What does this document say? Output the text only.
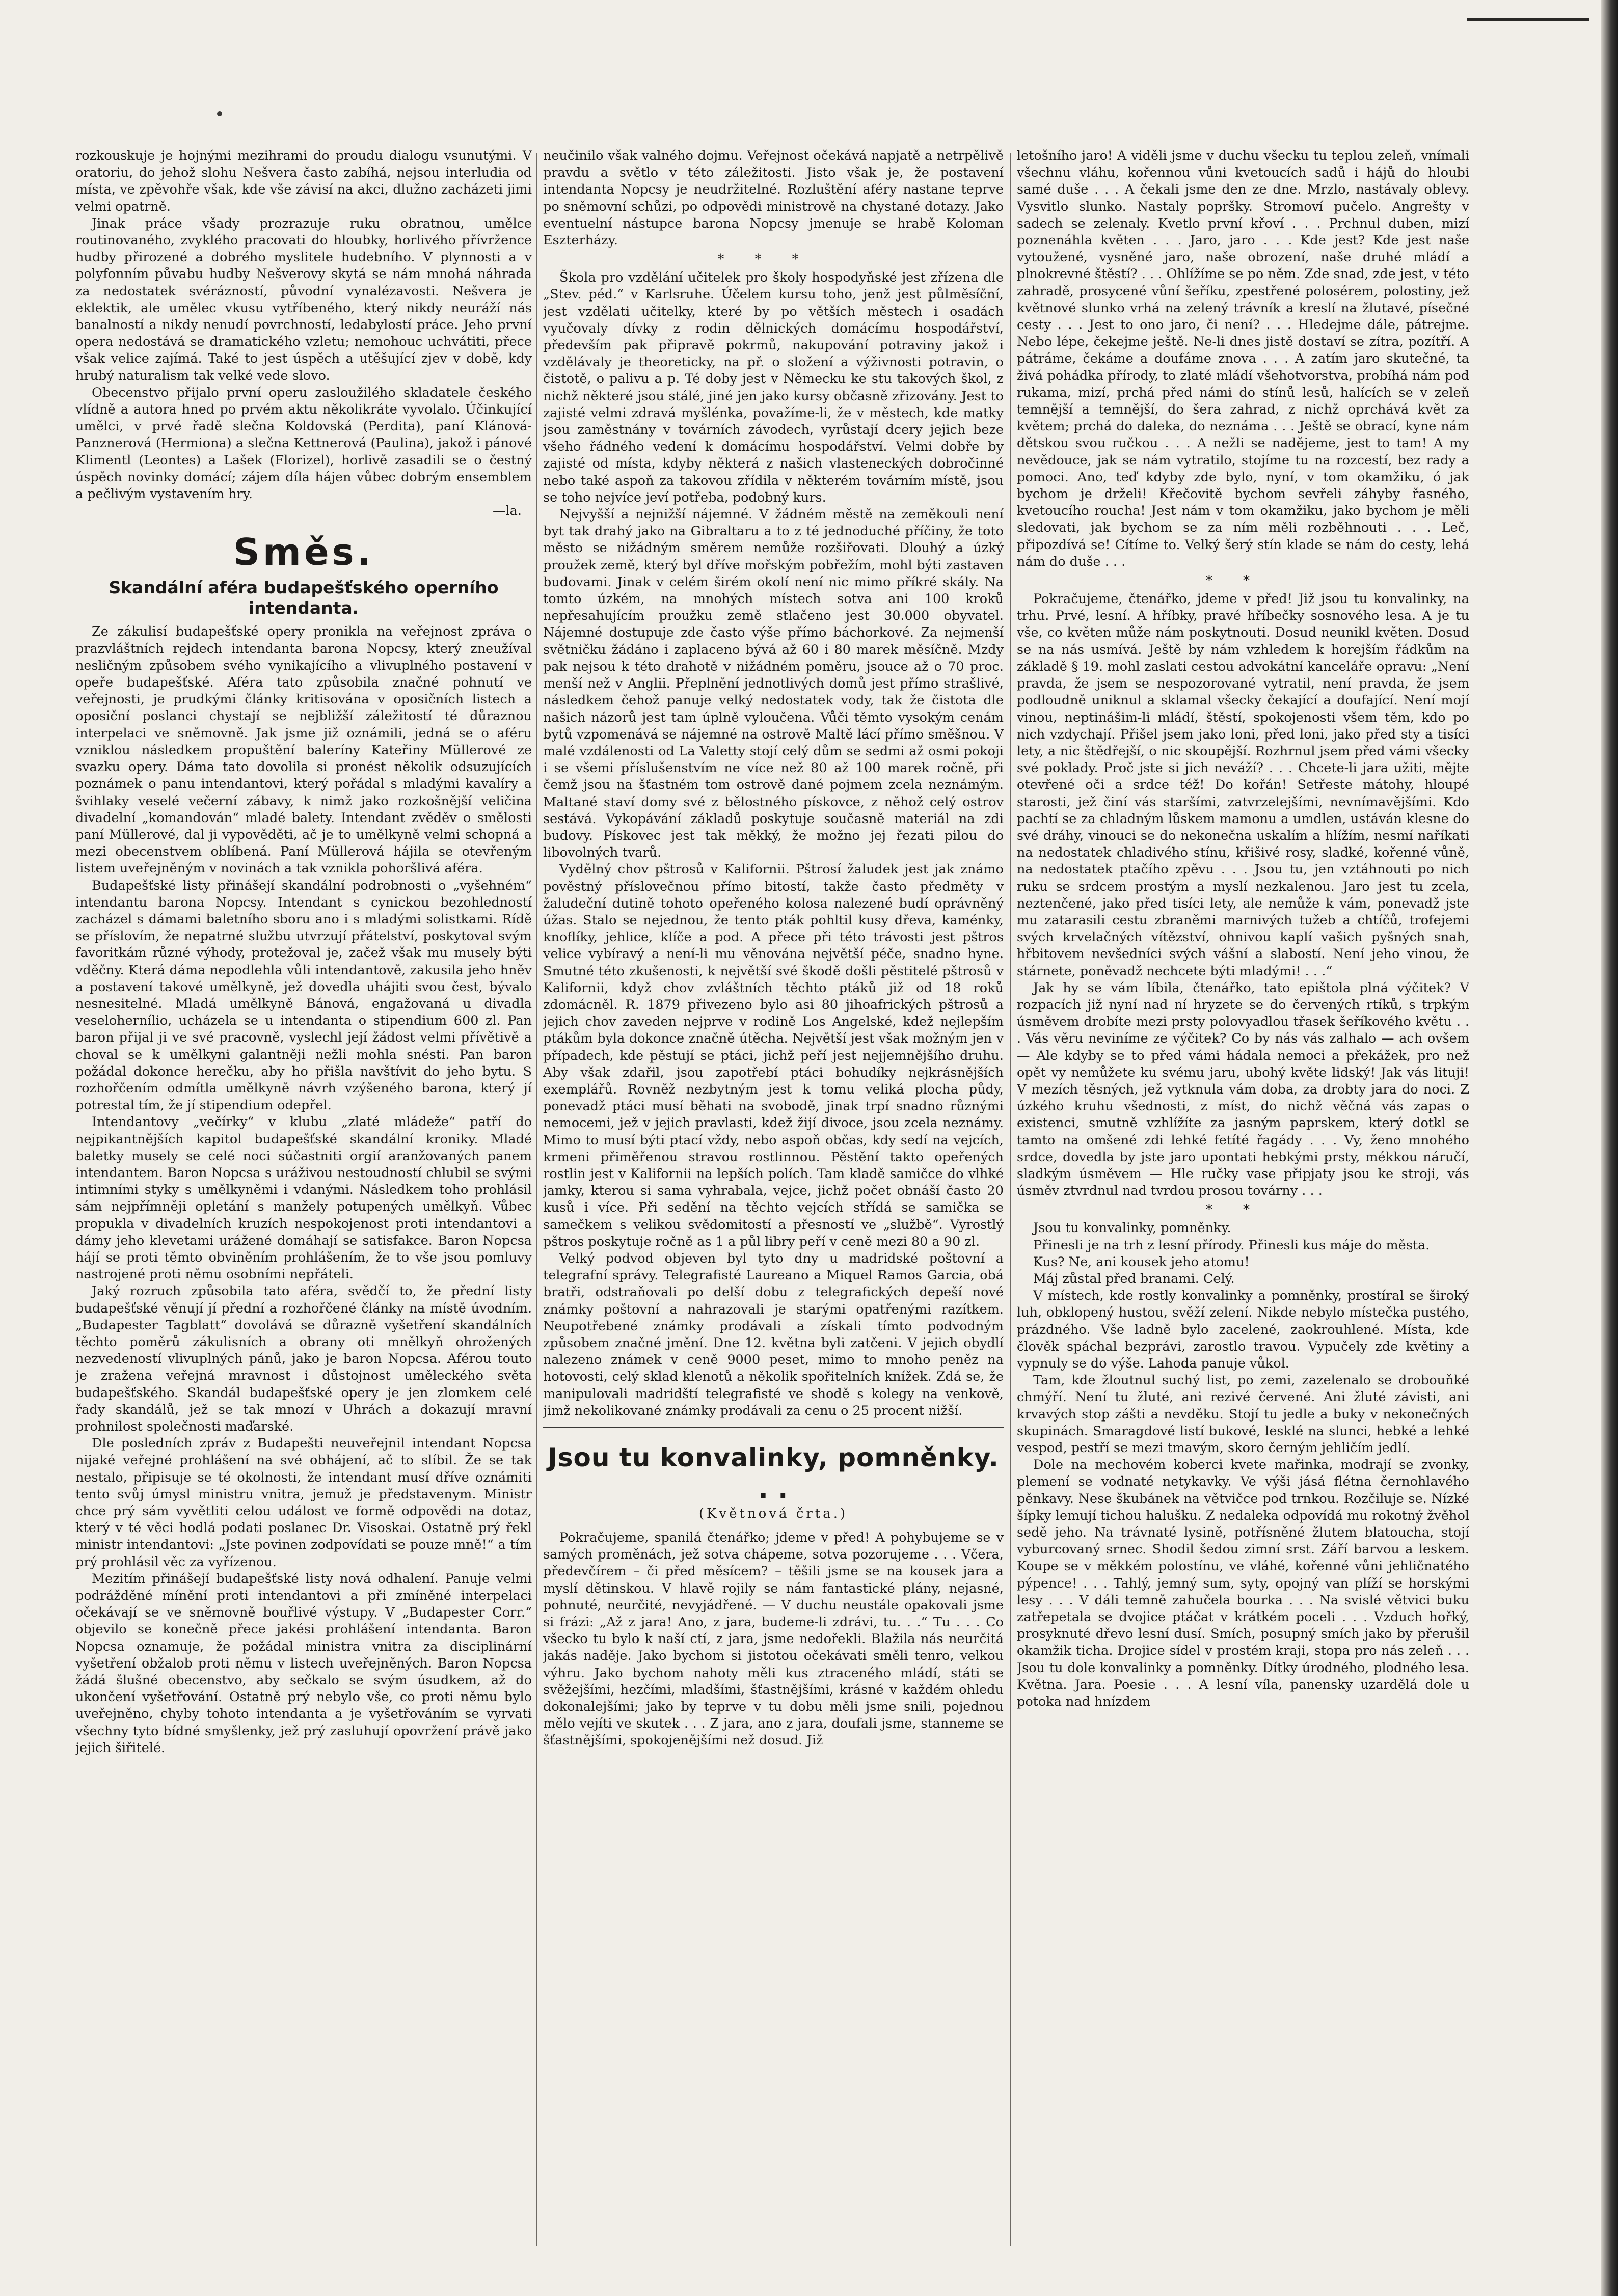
rozkouskuje je hojnými mezihrami do proudu dialogu vsunutými. V oratoriu, do jehož slohu Nešvera často zabíhá, nejsou interludia od místa, ve zpěvohře však, kde vše závisí na akci, dlužno zacházeti jimi velmi opatrně.

Jinak práce všady prozrazuje ruku obratnou, umělce routinovaného, zvyklého pracovati do hloubky, horlivého přívržence hudby přirozené a dobrého myslitele hudebního. V plynnosti a v polyfonním půvabu hudby Nešverovy skytá se nám mnohá náhrada za nedostatek svérázností, původní vynalézavosti. Nešvera je eklektik, ale umělec vkusu vytříbeného, který nikdy neuráží nás banalností a nikdy nenudí povrchností, ledabylostí práce. Jeho první opera nedostává se dramatického vzletu; nemohouc uchvátiti, přece však velice zajímá. Také to jest úspěch a utěšující zjev v době, kdy hrubý naturalism tak velké vede slovo.

Obecenstvo přijalo první operu zasloužilého skladatele českého vlídně a autora hned po prvém aktu několikráte vyvolalo. Účinkující umělci, v prvé řadě slečna Koldovská (Perdita), paní Klánová-Panznerová (Hermiona) a slečna Kettnerová (Paulina), jakož i pánové Klimentl (Leontes) a Lašek (Florizel), horlivě zasadili se o čestný úspěch novinky domácí; zájem díla hájen vůbec dobrým ensemblem a pečlivým vystavením hry.

—la.
Směs.
Skandální aféra budapešťského operního intendanta.

Ze zákulisí budapešťské opery pronikla na veřejnost zpráva o prazvláštních rejdech intendanta barona Nopcsy, který zneužíval nesličným způsobem svého vynikajícího a vlivuplného postavení v opeře budapešťské. Aféra tato způsobila značné pohnutí ve veřejnosti, je prudkými články kritisována v oposičních listech a oposiční poslanci chystají se nejbližší záležitostí té důraznou interpelaci ve sněmovně. Jak jsme již oznámili, jedná se o aféru vzniklou následkem propuštění baleríny Kateřiny Müllerové ze svazku opery. Dáma tato dovolila si pronést několik odsuzujících poznámek o panu intendantovi, který pořádal s mladými kavalíry a švihlaky veselé večerní zábavy, k nimž jako rozkošnější veličina divadelní „komandován“ mladé balety. Intendant zvěděv o smělosti paní Müllerové, dal ji vypověděti, ač je to umělkyně velmi schopná a mezi obecenstvem oblíbená. Paní Müllerová hájila se otevřeným listem uveřejněným v novinách a tak vznikla pohoršlivá aféra.

Budapešťské listy přinášejí skandální podrobnosti o „vyšehném“ intendantu barona Nopcsy. Intendant s cynickou bezohledností zacházel s dámami baletního sboru ano i s mladými solistkami. Rídě se příslovím, že nepatrné službu utvrzují přátelství, poskytoval svým favoritkám různé výhody, protežoval je, začež však mu musely býti vděčny. Která dáma nepodlehla vůli intendantově, zakusila jeho hněv a postavení takové umělkyně, jež dovedla uhájiti svou čest, bývalo nesnesitelné. Mladá umělkyně Bánová, engažovaná u divadla veselohernílio, ucházela se u intendanta o stipendium 600 zl. Pan baron přijal ji ve své pracovně, vyslechl její žádost velmi přívětivě a choval se k umělkyni galantněji nežli mohla snésti. Pan baron požádal dokonce herečku, aby ho přišla navštívit do jeho bytu. S rozhořčením odmítla umělkyně návrh vzýšeného barona, který jí potrestal tím, že jí stipendium odepřel.

Intendantovy „večírky“ v klubu „zlaté mládeže“ patří do nejpikantnějších kapitol budapešťské skandální kroniky. Mladé baletky musely se celé noci súčastniti orgií aranžovaných panem intendantem. Baron Nopcsa s uráživou nestoudností chlubil se svými intimními styky s umělkyněmi i vdanými. Následkem toho prohlásil sám nejpřímněji opletání s manžely potupených umělkyň. Vůbec propukla v divadelních kruzích nespokojenost proti intendantovi a dámy jeho klevetami urážené domáhají se satisfakce. Baron Nopcsa hájí se proti těmto obviněním prohlášením, že to vše jsou pomluvy nastrojené proti němu osobními nepřáteli.

Jaký rozruch způsobila tato aféra, svědčí to, že přední listy budapešťské věnují jí přední a rozhořčené články na místě úvodním. „Budapester Tagblatt“ dovolává se důrazně vyšetření skandálních těchto poměrů zákulisních a obrany oti mnělkyň ohrožených nezvedeností vlivuplných pánů, jako je baron Nopcsa. Aférou touto je zražena veřejná mravnost i důstojnost uměleckého světa budapešťského. Skandál budapešťské opery je jen zlomkem celé řady skandálů, jež se tak mnozí v Uhrách a dokazují mravní prohnilost společnosti maďarské.

Dle posledních zpráv z Budapešti neuveřejnil intendant Nopcsa nijaké veřejné prohlášení na své obhájení, ač to slíbil. Že se tak nestalo, připisuje se té okolnosti, že intendant musí dříve oznámiti tento svůj úmysl ministru vnitra, jemuž je představenym. Ministr chce prý sám vyvětliti celou událost ve formě odpovědi na dotaz, který v té věci hodlá podati poslanec Dr. Visoskai. Ostatně prý řekl ministr intendantovi: „Jste povinen zodpovídati se pouze mně!“ a tím prý prohlásil věc za vyřízenou.

Mezitím přinášejí budapešťské listy nová odhalení. Panuje velmi podrážděné mínění proti intendantovi a při zmíněné interpelaci očekávají se ve sněmovně bouřlivé výstupy. V „Budapester Corr.“ objevilo se konečně přece jakési prohlášení intendanta. Baron Nopcsa oznamuje, že požádal ministra vnitra za disciplinární vyšetření obžalob proti němu v listech uveřejněných. Baron Nopcsa žádá šlušné obecenstvo, aby sečkalo se svým úsudkem, až do ukončení vyšetřování. Ostatně prý nebylo vše, co proti němu bylo uveřejněno, chyby tohoto intendanta a je vyšetřováním se vyrvati všechny tyto bídné smyšlenky, jež prý zasluhují opovržení právě jako jejich šiřitelé.

neučinilo však valného dojmu. Veřejnost očekává napjatě a netrpělivě pravdu a světlo v této záležitosti. Jisto však je, že postavení intendanta Nopcsy je neudržitelné. Rozluštění aféry nastane teprve po sněmovní schůzi, po odpovědi ministrově na chystané dotazy. Jako eventuelní nástupce barona Nopcsy jmenuje se hrabě Koloman Eszterházy.

***

Škola pro vzdělání učitelek pro školy hospodyňské jest zřízena dle „Stev. péd.“ v Karlsruhe. Účelem kursu toho, jenž jest půlměsíční, jest vzdělati učitelky, které by po větších městech i osadách vyučovaly dívky z rodin dělnických domácímu hospodářství, především pak připravě pokrmů, nakupování potraviny jakož i vzdělávaly je theoreticky, na př. o složení a výživnosti potravin, o čistotě, o palivu a p. Té doby jest v Německu ke stu takových škol, z nichž některé jsou stálé, jiné jen jako kursy občasně zřizovány. Jest to zajisté velmi zdravá myšlénka, považíme-li, že v městech, kde matky jsou zaměstnány v továrních závodech, vyrůstají dcery jejich beze všeho řádného vedení k domácímu hospodářství. Velmi dobře by zajisté od místa, kdyby některá z našich vlasteneckých dobročinné nebo také aspoň za takovou zřídila v některém továrním místě, jsou se toho nejvíce jeví potřeba, podobný kurs.

Nejvyšší a nejnižší nájemné. V žádném městě na zeměkouli není byt tak drahý jako na Gibraltaru a to z té jednoduché příčiny, že toto město se nižádným směrem nemůže rozšiřovati. Dlouhý a úzký proužek země, který byl dříve mořským pobřežím, mohl býti zastaven budovami. Jinak v celém širém okolí není nic mimo příkré skály. Na tomto úzkém, na mnohých místech sotva ani 100 kroků nepřesahujícím proužku země stlačeno jest 30.000 obyvatel. Nájemné dostupuje zde často výše přímo báchorkové. Za nejmenší světničku žádáno i zaplaceno bývá až 60 i 80 marek měsíčně. Mzdy pak nejsou k této drahotě v nižádném poměru, jsouce až o 70 proc. menší než v Anglii. Přeplnění jednotlivých domů jest přímo strašlivé, následkem čehož panuje velký nedostatek vody, tak že čistota dle našich názorů jest tam úplně vyloučena. Vůči těmto vysokým cenám bytů vzpomenává se nájemné na ostrově Maltě lácí přímo směšnou. V malé vzdálenosti od La Valetty stojí celý dům se sedmi až osmi pokoji i se všemi příslušenstvím ne více než 80 až 100 marek ročně, při čemž jsou na šťastném tom ostrově dané pojmem zcela neznámým. Maltané staví domy své z bělostného pískovce, z něhož celý ostrov sestává. Vykopávání základů poskytuje současně materiál na zdi budovy. Pískovec jest tak měkký, že možno jej řezati pilou do libovolných tvarů.

Vydělný chov pštrosů v Kalifornii. Pštrosí žaludek jest jak známo pověstný příslovečnou přímo bitostí, takže často předměty v žaludeční dutině tohoto opeřeného kolosa nalezené budí oprávněný úžas. Stalo se nejednou, že tento pták pohltil kusy dřeva, kaménky, knoflíky, jehlice, klíče a pod. A přece při této trávosti jest pštros velice vybíravý a není-li mu věnována největší péče, snadno hyne. Smutné této zkušenosti, k největší své škodě došli pěstitelé pštrosů v Kalifornii, když chov zvláštních těchto ptáků již od 18 roků zdomácněl. R. 1879 přivezeno bylo asi 80 jihoafrických pštrosů a jejich chov zaveden nejprve v rodině Los Angelské, kdež nejlepším ptákům byla dokonce značně útěcha. Největší jest však možným jen v případech, kde pěstují se ptáci, jichž peří jest nejjemnějšího druhu. Aby však zdařil, jsou zapotřebí ptáci bohudíky nejkrásnějších exemplářů. Rovněž nezbytným jest k tomu veliká plocha půdy, ponevadž ptáci musí běhati na svobodě, jinak trpí snadno různými nemocemi, jež v jejich pravlasti, kdež žijí divoce, jsou zcela neznámy. Mimo to musí býti ptací vždy, nebo aspoň občas, kdy sedí na vejcích, krmeni přiměřenou stravou rostlinnou. Pěstění takto opeřených rostlin jest v Kalifornii na lepších polích. Tam kladě samičce do vlhké jamky, kterou si sama vyhrabala, vejce, jichž počet obnáší často 20 kusů i více. Při sedění na těchto vejcích střídá se samička se samečkem s velikou svědomitostí a přesností ve „službě“. Vyrostlý pštros poskytuje ročně as 1 a půl libry peří v ceně mezi 80 a 90 zl.

Velký podvod objeven byl tyto dny u madridské poštovní a telegrafní správy. Telegrafisté Laureano a Miquel Ramos Garcia, obá bratři, odstraňovali po delší dobu z telegrafických depeší nové známky poštovní a nahrazovali je starými opatřenými razítkem. Neupotřebené známky prodávali a získali tímto podvodným způsobem značné jmění. Dne 12. května byli zatčeni. V jejich obydlí nalezeno známek v ceně 9000 peset, mimo to mnoho peněz na hotovosti, celý sklad klenotů a několik spořitelních knížek. Zdá se, že manipulovali madridští telegrafisté ve shodě s kolegy na venkově, jimž nekolikované známky prodávali za cenu o 25 procent nižší.

Jsou tu konvalinky, pomněnky. . .
(Květnová črta.)

Pokračujeme, spanilá čtenářko; jdeme v před! A pohybujeme se v samých proměnách, jež sotva chápeme, sotva pozorujeme . . . Včera, předevčírem – či před měsícem? – těšili jsme se na kousek jara a myslí dětinskou. V hlavě rojily se nám fantastické plány, nejasné, pohnuté, neurčité, nevyjádřené. — V duchu neustále opakovali jsme si frázi: „Až z jara! Ano, z jara, budeme-li zdrávi, tu. . .“ Tu . . . Co všecko tu bylo k naší ctí, z jara, jsme nedořekli. Blažila nás neurčitá jakás naděje. Jako bychom si jistotou očekávati směli tenro, velkou výhru. Jako bychom nahoty měli kus ztraceného mládí, státi se svěžejšími, hezčími, mladšími, šťastnějšími, krásné v každém ohledu dokonalejšími; jako by teprve v tu dobu měli jsme snili, pojednou mělo vejíti ve skutek . . . Z jara, ano z jara, doufali jsme, stanneme se šťastnějšími, spokojenějšími než dosud. Již

letošního jaro! A viděli jsme v duchu všecku tu teplou zeleň, vnímali všechnu vláhu, kořennou vůni kvetoucích sadů i hájů do hloubi samé duše . . . A čekali jsme den ze dne. Mrzlo, nastávaly oblevy. Vysvitlo slunko. Nastaly popršky. Stromoví pučelo. Angrešty v sadech se zelenaly. Kvetlo první křoví . . . Prchnul duben, mizí poznenáhla květen . . . Jaro, jaro . . . Kde jest? Kde jest naše vytoužené, vysněné jaro, naše obrození, naše druhé mládí a plnokrevné štěstí? . . . Ohlížíme se po něm. Zde snad, zde jest, v této zahradě, prosycené vůní šeříku, zpestřené polosérem, polostiny, jež květnové slunko vrhá na zelený trávník a kreslí na žlutavé, písečné cesty . . . Jest to ono jaro, či není? . . . Hledejme dále, pátrejme. Nebo lépe, čekejme ještě. Ne-li dnes jistě dostaví se zítra, pozítří. A pátráme, čekáme a doufáme znova . . . A zatím jaro skutečné, ta živá pohádka přírody, to zlaté mládí všehotvorstva, probíhá nám pod rukama, mizí, prchá před námi do stínů lesů, halících se v zeleň temnější a temnější, do šera zahrad, z nichž oprchává květ za květem; prchá do daleka, do neznáma . . . Ještě se obrací, kyne nám dětskou svou ručkou . . . A nežli se nadějeme, jest to tam! A my nevědouce, jak se nám vytratilo, stojíme tu na rozcestí, bez rady a pomoci. Ano, teď kdyby zde bylo, nyní, v tom okamžiku, ó jak bychom je drželi! Křečovitě bychom sevřeli záhyby řasného, kvetoucího roucha! Jest nám v tom okamžiku, jako bychom je měli sledovati, jak bychom se za ním měli rozběhnouti . . . Leč, připozdívá se! Cítíme to. Velký šerý stín klade se nám do cesty, lehá nám do duše . . .

**

Pokračujeme, čtenářko, jdeme v před! Již jsou tu konvalinky, na trhu. Prvé, lesní. A hříbky, pravé hříbečky sosnového lesa. A je tu vše, co květen může nám poskytnouti. Dosud neunikl květen. Dosud se na nás usmívá. Ještě by nám vzhledem k horejším řádkům na základě § 19. mohl zaslati cestou advokátní kanceláře opravu: „Není pravda, že jsem se nespozorované vytratil, není pravda, že jsem podloudně uniknul a sklamal všecky čekající a doufající. Není mojí vinou, neptinášim-li mládí, štěstí, spokojenosti všem těm, kdo po nich vzdychají. Přišel jsem jako loni, před loni, jako před sty a tisíci lety, a nic štědřejší, o nic skoupější. Rozhrnul jsem před vámi všecky své poklady. Proč jste si jich neváží? . . . Chcete-li jara užiti, mějte otevřené oči a srdce též! Do kořán! Setřeste mátohy, hloupé starosti, jež činí vás staršími, zatvrzelejšími, nevnímavějšími. Kdo pachtí se za chladným lůskem mamonu a umdlen, ustáván klesne do své dráhy, vinouci se do nekonečna uskalím a hlížím, nesmí naříkati na nedostatek chladivého stínu, křišivé rosy, sladké, kořenné vůně, na nedostatek ptačího zpěvu . . . Jsou tu, jen vztáhnouti po nich ruku se srdcem prostým a myslí nezkalenou. Jaro jest tu zcela, neztenčené, jako před tisíci lety, ale nemůže k vám, ponevadž jste mu zatarasili cestu zbraněmi marnivých tužeb a chtíčů, trofejemi svých krvelačných vítězství, ohnivou kaplí vašich pyšných snah, hřbitovem nevšedníci svých vášní a slabostí. Není jeho vinou, že stárnete, poněvadž nechcete býti mladými! . . .“

Jak hy se vám líbila, čtenářko, tato epištola plná výčitek? V rozpacích již nyní nad ní hryzete se do červených rtíků, s trpkým úsměvem drobíte mezi prsty polovyadlou třasek šeříkového květu . . . Vás věru neviníme ze výčitek? Co by nás vás zalhalo — ach ovšem — Ale kdyby se to před vámi hádala nemoci a překážek, pro než opět vy nemůžete ku svému jaru, ubohý květe lidský! Jak vás lituji! V mezích těsných, jež vytknula vám doba, za drobty jara do noci. Z úzkého kruhu všednosti, z míst, do nichž věčná vás zapas o existenci, smutně vzhlížíte za jasným paprskem, který dotkl se tamto na omšené zdi lehké fetíté řagády . . . Vy, ženo mnohého srdce, dovedla by jste jaro upontati hebkými prsty, mékkou náručí, sladkým úsměvem — Hle ručky vase připjaty jsou ke stroji, vás úsměv ztvrdnul nad tvrdou prosou továrny . . .

**

Jsou tu konvalinky, pomněnky.

Přinesli je na trh z lesní přírody. Přinesli kus máje do města.

Kus? Ne, ani kousek jeho atomu!

Máj zůstal před branami. Celý.

V místech, kde rostly konvalinky a pomněnky, prostíral se široký luh, obklopený hustou, svěží zelení. Nikde nebylo místečka pustého, prázdného. Vše ladně bylo zacelené, zaokrouhlené. Místa, kde člověk spáchal bezprávi, zarostlo travou. Vypučely zde květiny a vypnuly se do výše. Lahoda panuje vůkol.

Tam, kde žloutnul suchý list, po zemi, zazelenalo se drobouňké chmýří. Není tu žluté, ani rezivé červené. Ani žluté závisti, ani krvavých stop zášti a nevděku. Stojí tu jedle a buky v nekonečných skupinách. Smaragdové listí bukové, lesklé na slunci, hebké a lehké vespod, pestří se mezi tmavým, skoro černým jehličím jedlí.

Dole na mechovém koberci kvete mařinka, modrají se zvonky, plemení se vodnaté netykavky. Ve výši jásá flétna černohlavého pěnkavy. Nese škubánek na větvičce pod trnkou. Rozčiluje se. Nízké šípky lemují tichou halušku. Z nedaleka odpovídá mu rokotný žvěhol sedě jeho. Na trávnaté lysině, potřísněné žlutem blatoucha, stojí vyburcovaný srnec. Shodil šedou zimní srst. Září barvou a leskem. Koupe se v měkkém polostínu, ve vláhé, kořenné vůni jehličnatého pýpence! . . . Tahlý, jemný sum, syty, opojný van plíží se horskými lesy . . . V dáli temně zahučela bourka . . . Na svislé větvici buku zatřepetala se dvojice ptáčat v krátkém poceli . . . Vzduch hořký, prosyknuté dřevo lesní dusí. Smích, posupný smích jako by přerušil okamžik ticha. Drojice sídel v prostém kraji, stopa pro nás zeleň . . . Jsou tu dole konvalinky a pomněnky. Dítky úrodného, plodného lesa. Května. Jara. Poesie . . . A lesní víla, panensky uzardělá dole u potoka nad hnízdem
